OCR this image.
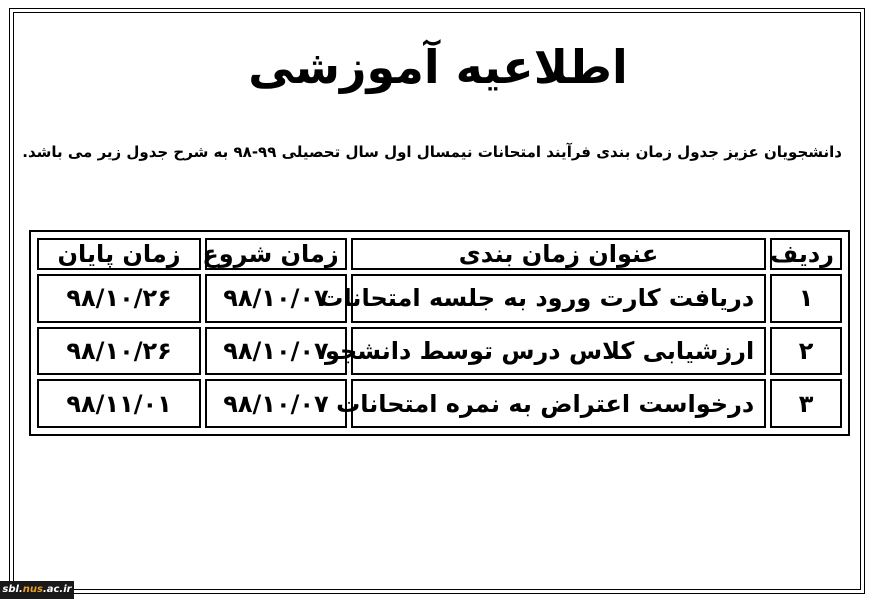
اطلاعیه آموزشی
دانشجویان عزیز جدول زمان بندی فرآیند امتحانات نیمسال اول سال تحصیلی ۹۹-۹۸ به شرح جدول زیر می باشد.
ردیف	عنوان زمان بندی	زمان شروع	زمان پایان
۱	دریافت کارت ورود به جلسه امتحانات	۹۸/۱۰/۰۷	۹۸/۱۰/۲۶
۲	ارزشیابی کلاس درس توسط دانشجو	۹۸/۱۰/۰۷	۹۸/۱۰/۲۶
۳	درخواست اعتراض به نمره امتحانات	۹۸/۱۰/۰۷	۹۸/۱۱/۰۱
sbl.nus.ac.ir
